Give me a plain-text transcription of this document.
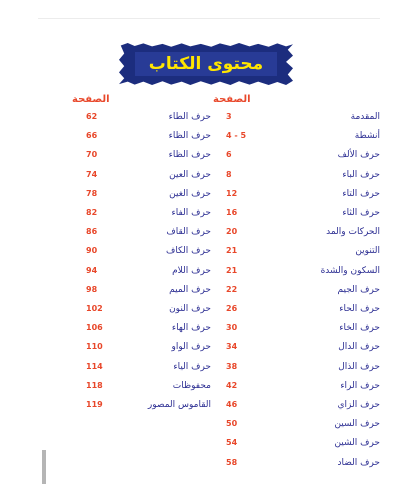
محتوى الكتاب
الصفحة
الصفحة
3	المقدمة
4 - 5	أنشطة
6	حرف الألف
8	حرف الباء
12	حرف التاء
16	حرف الثاء
20	الحركات والمد
21	التنوين
21	السكون والشدة
22	حرف الجيم
26	حرف الحاء
30	حرف الخاء
34	حرف الدال
38	حرف الذال
42	حرف الراء
46	حرف الزاي
50	حرف السين
54	حرف الشين
58	حرف الضاد
62	حرف الطاء
66	حرف الظاء
70	حرف الظاء
74	حرف العين
78	حرف الغين
82	حرف الفاء
86	حرف القاف
90	حرف الكاف
94	حرف اللام
98	حرف الميم
102	حرف النون
106	حرف الهاء
110	حرف الواو
114	حرف الياء
118	محفوظات
119	القاموس المصور
